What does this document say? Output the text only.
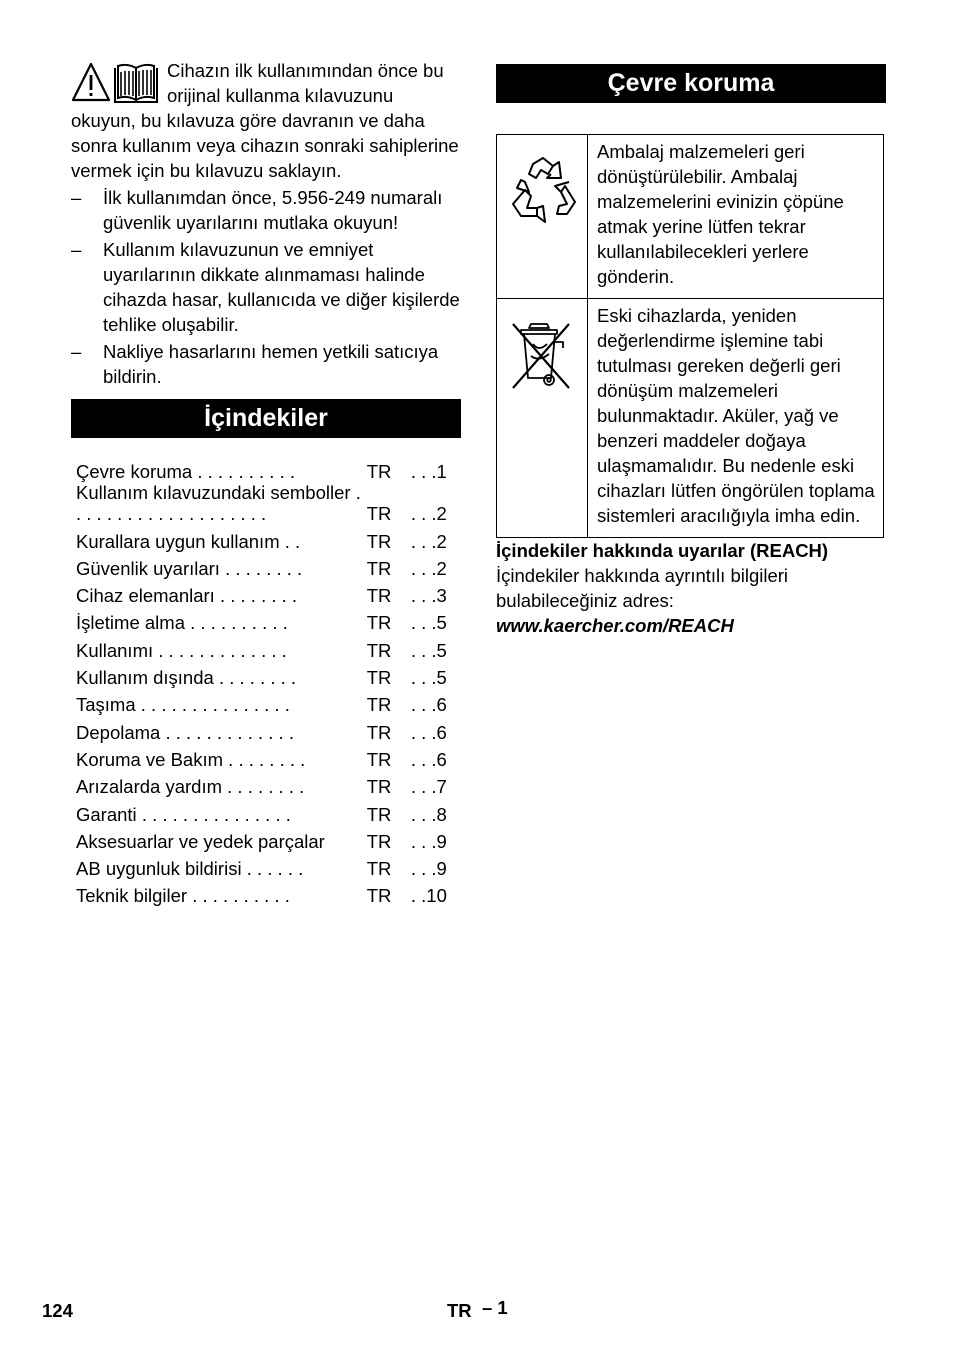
Cihazın ilk kullanımından önce bu orijinal kullanma kılavuzunu okuyun, bu kılavuza göre davranın ve daha sonra kullanım veya cihazın sonraki sahiplerine vermek için bu kılavuzu saklayın.

– İlk kullanımdan önce, 5.956-249 numaralı güvenlik uyarılarını mutlaka okuyun!
– Kullanım kılavuzunun ve emniyet uyarılarının dikkate alınmaması halinde cihazda hasar, kullanıcıda ve diğer kişilerde tehlike oluşabilir.
– Nakliye hasarlarını hemen yetkili satıcıya bildirin.
İçindekiler
Çevre koruma . . . . . . . . . .	TR	. . .1
Kullanım kılavuzundaki semboller . . . . . . . . . . . . . . . . . . . .	TR	. . .2
Kurallara uygun kullanım . .	TR	. . .2
Güvenlik uyarıları . . . . . . . .	TR	. . .2
Cihaz elemanları . . . . . . . .	TR	. . .3
İşletime alma . . . . . . . . . .	TR	. . .5
Kullanımı . . . . . . . . . . . . .	TR	. . .5
Kullanım dışında . . . . . . . .	TR	. . .5
Taşıma . . . . . . . . . . . . . . .	TR	. . .6
Depolama . . . . . . . . . . . . .	TR	. . .6
Koruma ve Bakım . . . . . . . .	TR	. . .6
Arızalarda yardım . . . . . . . .	TR	. . .7
Garanti . . . . . . . . . . . . . . .	TR	. . .8
Aksesuarlar ve yedek parçalar	TR	. . .9
AB uygunluk bildirisi . . . . . .	TR	. . .9
Teknik bilgiler . . . . . . . . . .	TR	. .10
Çevre koruma
	Ambalaj malzemeleri geri dönüştürülebilir. Ambalaj malzemelerini evinizin çöpüne atmak yerine lütfen tekrar kullanılabilecekleri yerlere gönderin.
	Eski cihazlarda, yeniden değerlendirme işlemine tabi tutulması gereken değerli geri dönüşüm malzemeleri bulunmaktadır. Aküler, yağ ve benzeri maddeler doğaya ulaşmamalıdır. Bu nedenle eski cihazları lütfen öngörülen toplama sistemleri aracılığıyla imha edin.

İçindekiler hakkında uyarılar (REACH)

İçindekiler hakkında ayrıntılı bilgileri bulabileceğiniz adres:

www.kaercher.com/REACH

124	TR – 1
